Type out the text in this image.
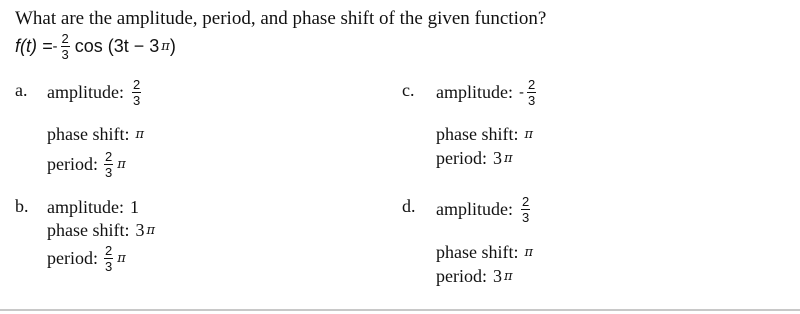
What are the amplitude, period, and phase shift of the given function?
f(t) = - $\frac{2}{3}$ cos (3t − 3 π )
a. amplitude: $\frac{2}{3}$
phase shift: π
period: $\frac{2}{3}$ π
b. amplitude: 1
phase shift: 3 π
period: $\frac{2}{3}$ π
c. amplitude: - $\frac{2}{3}$
phase shift: π
period: 3 π
d. amplitude: $\frac{2}{3}$
phase shift: π
period: 3 π
